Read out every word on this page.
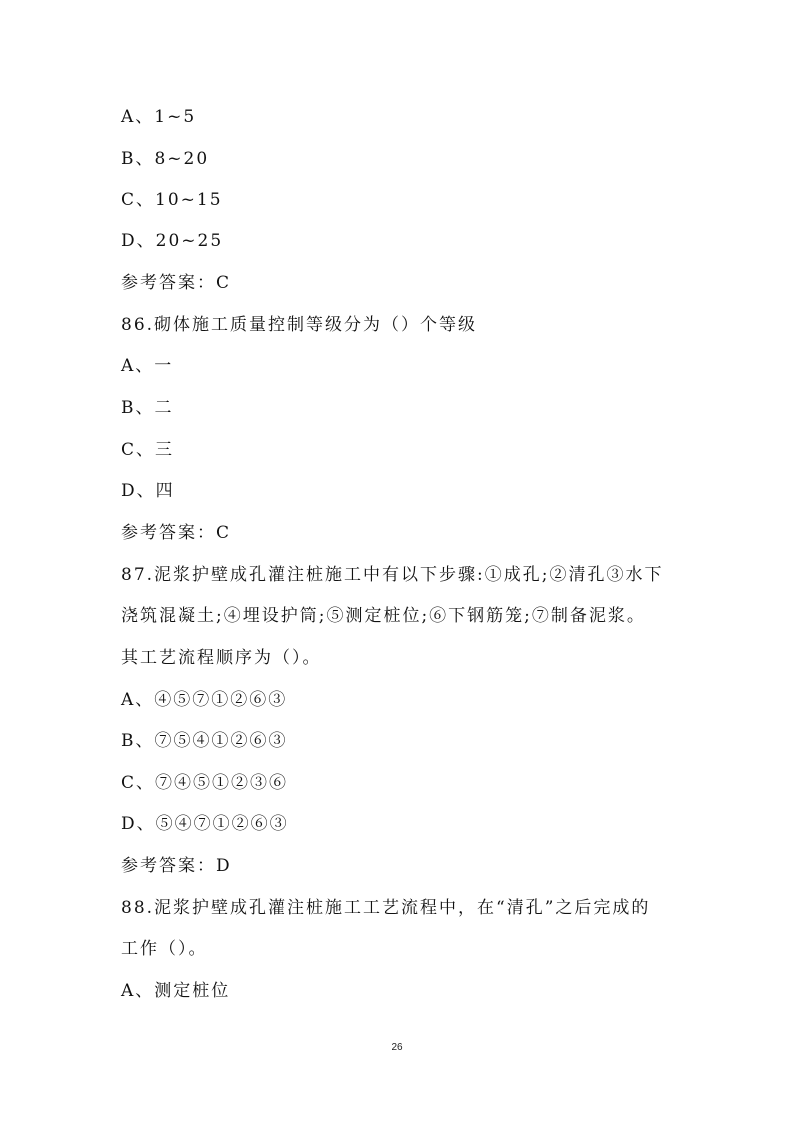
A、1~5
B、8~20
C、10~15
D、20~25
参考答案：C
86.砌体施工质量控制等级分为（）个等级
A、一
B、二
C、三
D、四
参考答案：C
87.泥浆护壁成孔灌注桩施工中有以下步骤:①成孔;②清孔③水下
浇筑混凝土;④埋设护筒;⑤测定桩位;⑥下钢筋笼;⑦制备泥浆。
其工艺流程顺序为（）。
A、④⑤⑦①②⑥③
B、⑦⑤④①②⑥③
C、⑦④⑤①②③⑥
D、⑤④⑦①②⑥③
参考答案：D
88.泥浆护壁成孔灌注桩施工工艺流程中，在“清孔”之后完成的
工作（）。
A、测定桩位
26
